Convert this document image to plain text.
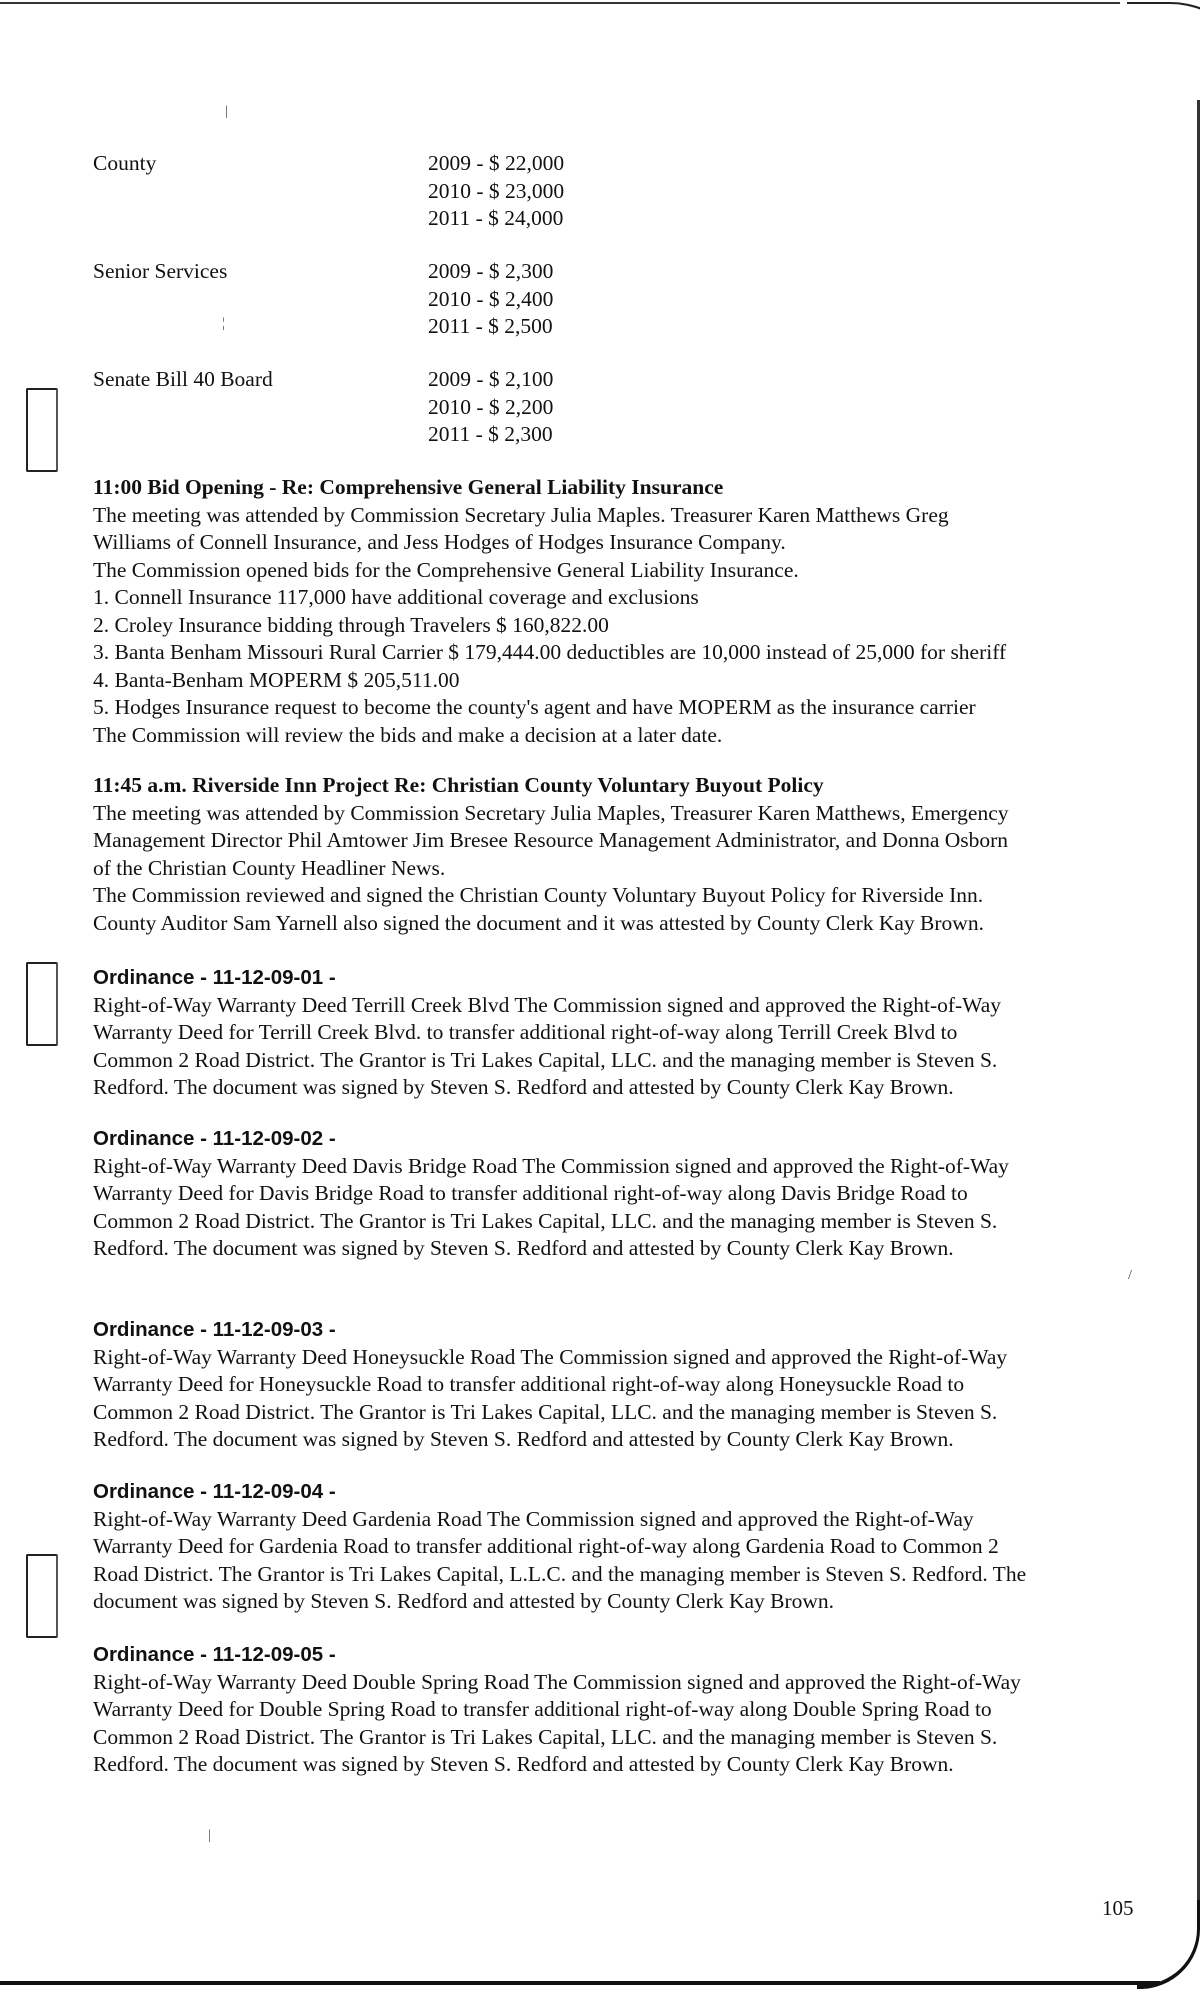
|
¦
|
/
County	2009 - $ 22,000
2010 - $ 23,000
2011 - $ 24,000
Senior Services	2009 - $ 2,300
2010 - $ 2,400
2011 - $ 2,500
Senate Bill 40 Board	2009 - $ 2,100
2010 - $ 2,200
2011 - $ 2,300

11:00 Bid Opening - Re: Comprehensive General Liability Insurance

The meeting was attended by Commission Secretary Julia Maples. Treasurer Karen Matthews Greg

Williams of Connell Insurance, and Jess Hodges of Hodges Insurance Company.

The Commission opened bids for the Comprehensive General Liability Insurance.

1. Connell Insurance 117,000 have additional coverage and exclusions

2. Croley Insurance bidding through Travelers $ 160,822.00

3. Banta Benham Missouri Rural Carrier $ 179,444.00 deductibles are 10,000 instead of 25,000 for sheriff

4. Banta-Benham MOPERM $ 205,511.00

5. Hodges Insurance request to become the county's agent and have MOPERM as the insurance carrier

The Commission will review the bids and make a decision at a later date.

11:45 a.m. Riverside Inn Project Re: Christian County Voluntary Buyout Policy

The meeting was attended by Commission Secretary Julia Maples, Treasurer Karen Matthews, Emergency

Management Director Phil Amtower Jim Bresee Resource Management Administrator, and Donna Osborn

of the Christian County Headliner News.

The Commission reviewed and signed the Christian County Voluntary Buyout Policy for Riverside Inn.

County Auditor Sam Yarnell also signed the document and it was attested by County Clerk Kay Brown.

Ordinance - 11-12-09-01 -

Right-of-Way Warranty Deed Terrill Creek Blvd The Commission signed and approved the Right-of-Way

Warranty Deed for Terrill Creek Blvd. to transfer additional right-of-way along Terrill Creek Blvd to

Common 2 Road District. The Grantor is Tri Lakes Capital, LLC. and the managing member is Steven S.

Redford. The document was signed by Steven S. Redford and attested by County Clerk Kay Brown.

Ordinance - 11-12-09-02 -

Right-of-Way Warranty Deed Davis Bridge Road The Commission signed and approved the Right-of-Way

Warranty Deed for Davis Bridge Road to transfer additional right-of-way along Davis Bridge Road to

Common 2 Road District. The Grantor is Tri Lakes Capital, LLC. and the managing member is Steven S.

Redford. The document was signed by Steven S. Redford and attested by County Clerk Kay Brown.

Ordinance - 11-12-09-03 -

Right-of-Way Warranty Deed Honeysuckle Road The Commission signed and approved the Right-of-Way

Warranty Deed for Honeysuckle Road to transfer additional right-of-way along Honeysuckle Road to

Common 2 Road District. The Grantor is Tri Lakes Capital, LLC. and the managing member is Steven S.

Redford. The document was signed by Steven S. Redford and attested by County Clerk Kay Brown.

Ordinance - 11-12-09-04 -

Right-of-Way Warranty Deed Gardenia Road The Commission signed and approved the Right-of-Way

Warranty Deed for Gardenia Road to transfer additional right-of-way along Gardenia Road to Common 2

Road District. The Grantor is Tri Lakes Capital, L.L.C. and the managing member is Steven S. Redford. The

document was signed by Steven S. Redford and attested by County Clerk Kay Brown.

Ordinance - 11-12-09-05 -

Right-of-Way Warranty Deed Double Spring Road The Commission signed and approved the Right-of-Way

Warranty Deed for Double Spring Road to transfer additional right-of-way along Double Spring Road to

Common 2 Road District. The Grantor is Tri Lakes Capital, LLC. and the managing member is Steven S.

Redford. The document was signed by Steven S. Redford and attested by County Clerk Kay Brown.

105
